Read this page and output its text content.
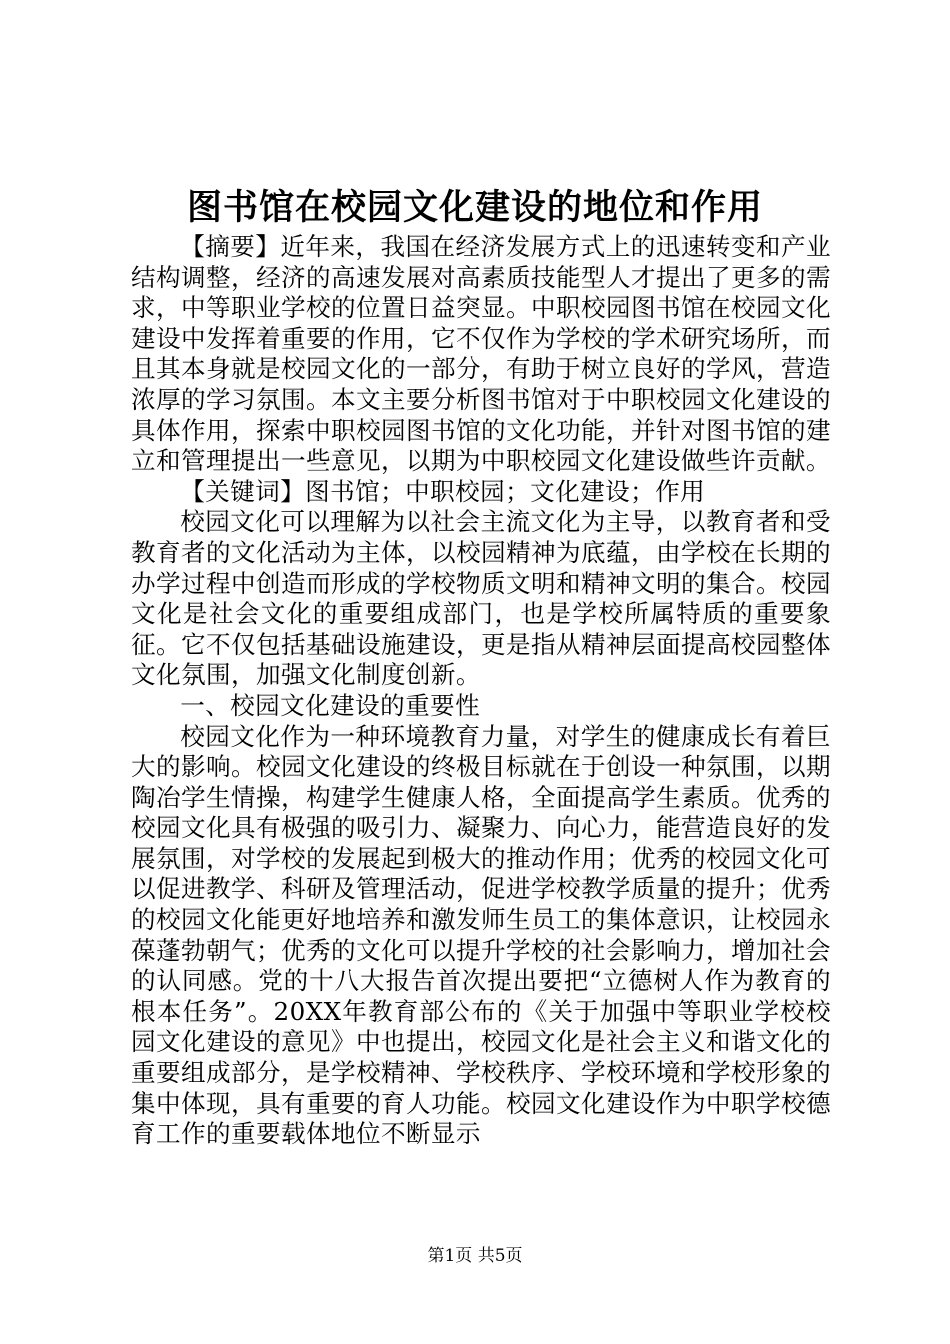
图书馆在校园文化建设的地位和作用

【摘要】近年来，我国在经济发展方式上的迅速转变和产业结构调整，经济的高速发展对高素质技能型人才提出了更多的需求，中等职业学校的位置日益突显。中职校园图书馆在校园文化建设中发挥着重要的作用，它不仅作为学校的学术研究场所，而且其本身就是校园文化的一部分，有助于树立良好的学风，营造浓厚的学习氛围。本文主要分析图书馆对于中职校园文化建设的具体作用，探索中职校园图书馆的文化功能，并针对图书馆的建立和管理提出一些意见，以期为中职校园文化建设做些许贡献。

【关键词】图书馆；中职校园；文化建设；作用

校园文化可以理解为以社会主流文化为主导，以教育者和受教育者的文化活动为主体，以校园精神为底蕴，由学校在长期的办学过程中创造而形成的学校物质文明和精神文明的集合。校园文化是社会文化的重要组成部门，也是学校所属特质的重要象征。它不仅包括基础设施建设，更是指从精神层面提高校园整体文化氛围，加强文化制度创新。

一、校园文化建设的重要性

校园文化作为一种环境教育力量，对学生的健康成长有着巨大的影响。校园文化建设的终极目标就在于创设一种氛围，以期陶冶学生情操，构建学生健康人格，全面提高学生素质。优秀的校园文化具有极强的吸引力、凝聚力、向心力，能营造良好的发展氛围，对学校的发展起到极大的推动作用；优秀的校园文化可以促进教学、科研及管理活动，促进学校教学质量的提升；优秀的校园文化能更好地培养和激发师生员工的集体意识，让校园永葆蓬勃朝气；优秀的文化可以提升学校的社会影响力，增加社会的认同感。党的十八大报告首次提出要把“立德树人作为教育的根本任务”。20XX年教育部公布的《关于加强中等职业学校校园文化建设的意见》中也提出，校园文化是社会主义和谐文化的重要组成部分，是学校精神、学校秩序、学校环境和学校形象的集中体现，具有重要的育人功能。校园文化建设作为中职学校德育工作的重要载体地位不断显示

第1页 共5页
